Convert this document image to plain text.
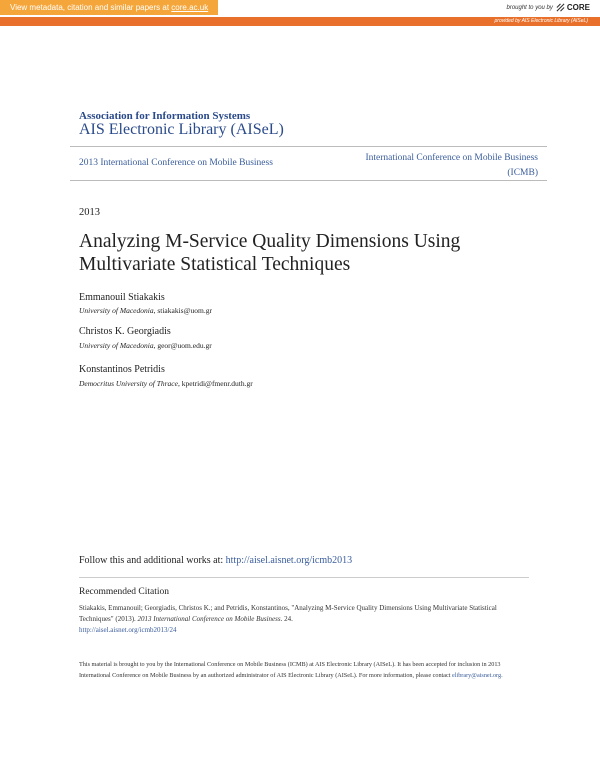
View metadata, citation and similar papers at core.ac.uk	brought to you by CORE
provided by AIS Electronic Library (AISeL)
Association for Information Systems
AIS Electronic Library (AISeL)
2013 International Conference on Mobile Business	International Conference on Mobile Business
(ICMB)
2013
Analyzing M-Service Quality Dimensions Using
Multivariate Statistical Techniques
Emmanouil Stiakakis
University of Macedonia, stiakakis@uom.gr
Christos K. Georgiadis
University of Macedonia, geor@uom.edu.gr
Konstantinos Petridis
Democritus University of Thrace, kpetridi@fmenr.duth.gr
Follow this and additional works at: http://aisel.aisnet.org/icmb2013
Recommended Citation
Stiakakis, Emmanouil; Georgiadis, Christos K.; and Petridis, Konstantinos, "Analyzing M-Service Quality Dimensions Using Multivariate Statistical Techniques" (2013). 2013 International Conference on Mobile Business. 24.
http://aisel.aisnet.org/icmb2013/24
This material is brought to you by the International Conference on Mobile Business (ICMB) at AIS Electronic Library (AISeL). It has been accepted for inclusion in 2013 International Conference on Mobile Business by an authorized administrator of AIS Electronic Library (AISeL). For more information, please contact elibrary@aisnet.org.
